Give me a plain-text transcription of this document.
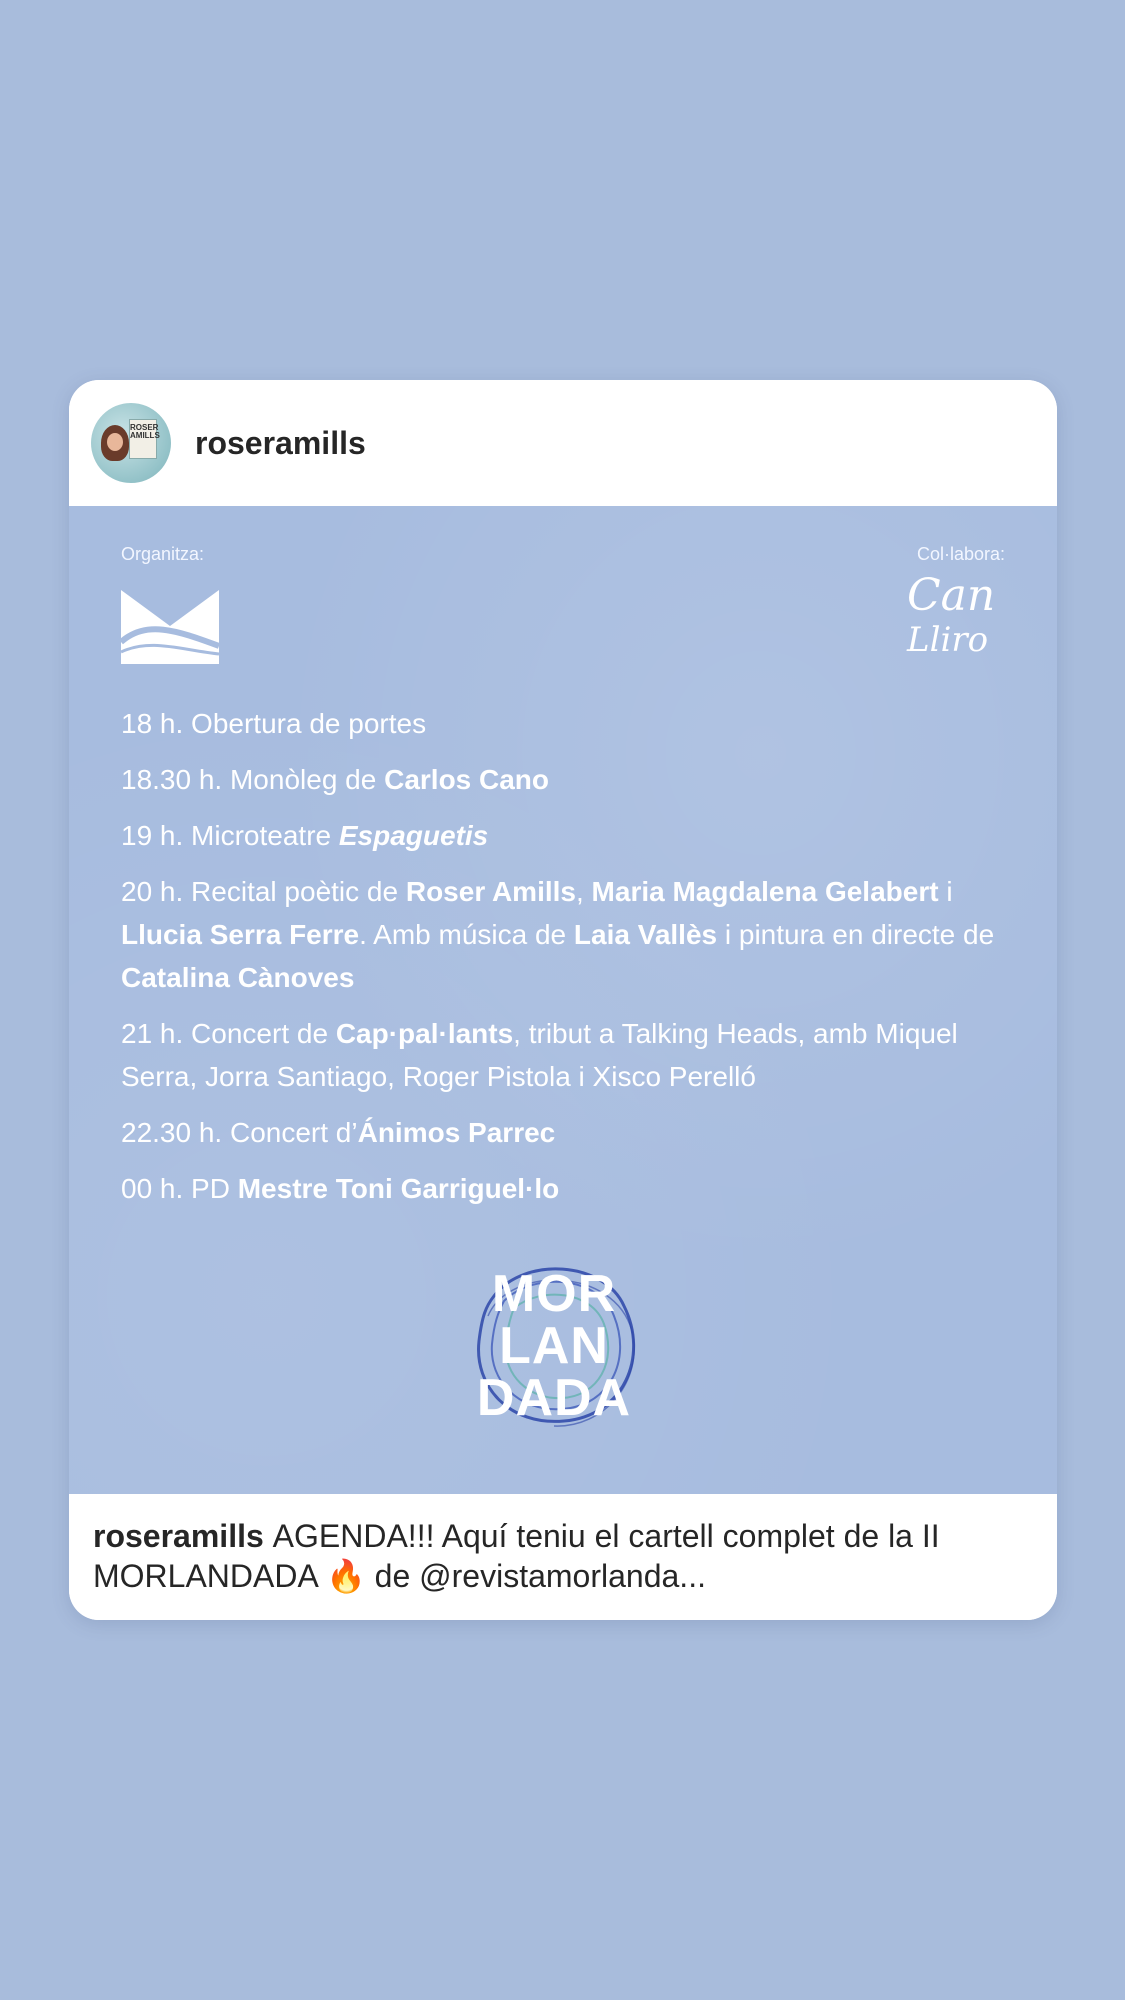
ROSER AMILLS roseramills
Organitza:	Col·labora:
Can
Lliro

18 h. Obertura de portes

18.30 h. Monòleg de Carlos Cano

19 h. Microteatre Espaguetis

20 h. Recital poètic de Roser Amills, Maria Magdalena Gelabert i Llucia Serra Ferre. Amb música de Laia Vallès i pintura en directe de Catalina Cànoves

21 h. Concert de Cap·pal·lants, tribut a Talking Heads, amb Miquel Serra, Jorra Santiago, Roger Pistola i Xisco Perelló

22.30 h. Concert d’Ánimos Parrec

00 h. PD Mestre Toni Garriguel·lo

MOR
LAN
DADA
roseramills AGENDA!!! Aquí teniu el cartell complet de la II MORLANDADA 🔥 de @revistamorlanda...
